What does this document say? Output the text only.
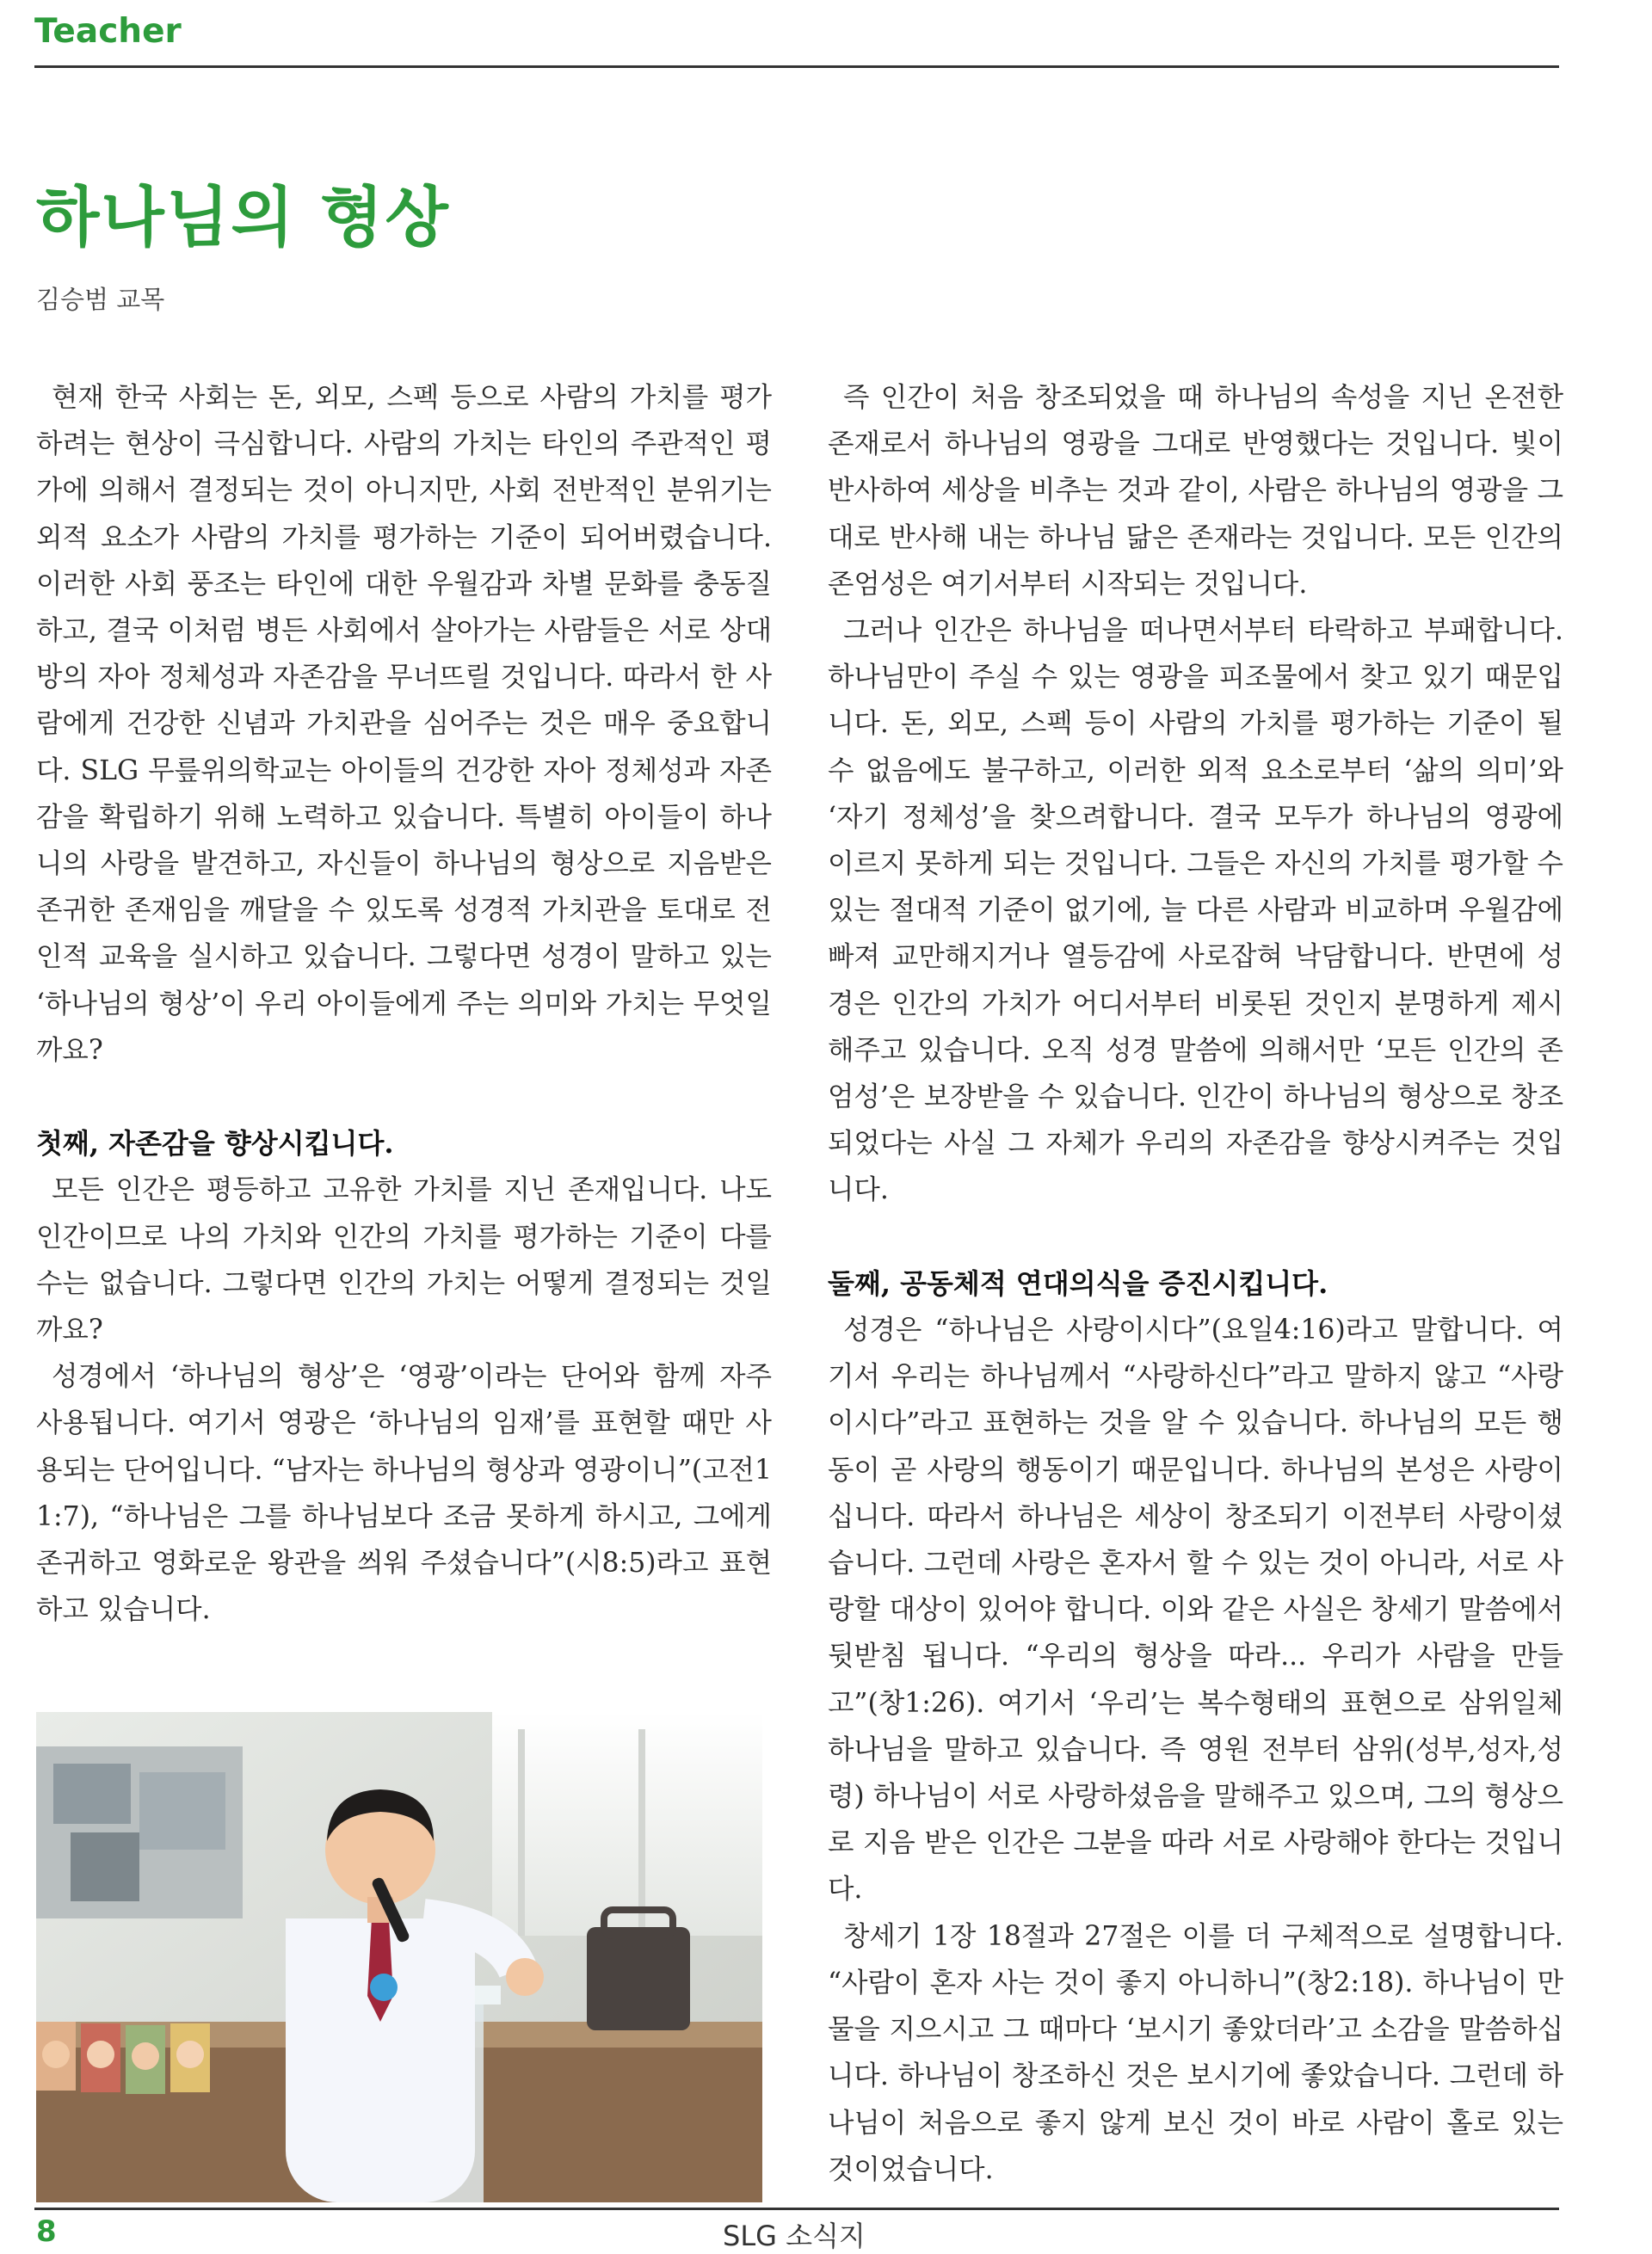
Teacher
하나님의 형상
김승범 교목

현재 한국 사회는 돈, 외모, 스펙 등으로 사람의 가치를 평가하려는 현상이 극심합니다. 사람의 가치는 타인의 주관적인 평가에 의해서 결정되는 것이 아니지만, 사회 전반적인 분위기는 외적 요소가 사람의 가치를 평가하는 기준이 되어버렸습니다. 이러한 사회 풍조는 타인에 대한 우월감과 차별 문화를 충동질하고, 결국 이처럼 병든 사회에서 살아가는 사람들은 서로 상대방의 자아 정체성과 자존감을 무너뜨릴 것입니다. 따라서 한 사람에게 건강한 신념과 가치관을 심어주는 것은 매우 중요합니다. SLG 무릎위의학교는 아이들의 건강한 자아 정체성과 자존감을 확립하기 위해 노력하고 있습니다. 특별히 아이들이 하나니의 사랑을 발견하고, 자신들이 하나님의 형상으로 지음받은 존귀한 존재임을 깨달을 수 있도록 성경적 가치관을 토대로 전인적 교육을 실시하고 있습니다. 그렇다면 성경이 말하고 있는 ‘하나님의 형상’이 우리 아이들에게 주는 의미와 가치는 무엇일까요?

첫째, 자존감을 향상시킵니다.

모든 인간은 평등하고 고유한 가치를 지닌 존재입니다. 나도 인간이므로 나의 가치와 인간의 가치를 평가하는 기준이 다를 수는 없습니다. 그렇다면 인간의 가치는 어떻게 결정되는 것일까요?

성경에서 ‘하나님의 형상’은 ‘영광’이라는 단어와 함께 자주 사용됩니다. 여기서 영광은 ‘하나님의 임재’를 표현할 때만 사용되는 단어입니다. “남자는 하나님의 형상과 영광이니”(고전11:7), “하나님은 그를 하나님보다 조금 못하게 하시고, 그에게 존귀하고 영화로운 왕관을 씌워 주셨습니다”(시8:5)라고 표현하고 있습니다.

즉 인간이 처음 창조되었을 때 하나님의 속성을 지닌 온전한 존재로서 하나님의 영광을 그대로 반영했다는 것입니다. 빛이 반사하여 세상을 비추는 것과 같이, 사람은 하나님의 영광을 그대로 반사해 내는 하나님 닮은 존재라는 것입니다. 모든 인간의 존엄성은 여기서부터 시작되는 것입니다.

그러나 인간은 하나님을 떠나면서부터 타락하고 부패합니다. 하나님만이 주실 수 있는 영광을 피조물에서 찾고 있기 때문입니다. 돈, 외모, 스펙 등이 사람의 가치를 평가하는 기준이 될 수 없음에도 불구하고, 이러한 외적 요소로부터 ‘삶의 의미’와 ‘자기 정체성’을 찾으려합니다. 결국 모두가 하나님의 영광에 이르지 못하게 되는 것입니다. 그들은 자신의 가치를 평가할 수 있는 절대적 기준이 없기에, 늘 다른 사람과 비교하며 우월감에 빠져 교만해지거나 열등감에 사로잡혀 낙담합니다. 반면에 성경은 인간의 가치가 어디서부터 비롯된 것인지 분명하게 제시해주고 있습니다. 오직 성경 말씀에 의해서만 ‘모든 인간의 존엄성’은 보장받을 수 있습니다. 인간이 하나님의 형상으로 창조되었다는 사실 그 자체가 우리의 자존감을 향상시켜주는 것입니다.

둘째, 공동체적 연대의식을 증진시킵니다.

성경은 “하나님은 사랑이시다”(요일4:16)라고 말합니다. 여기서 우리는 하나님께서 “사랑하신다”라고 말하지 않고 “사랑이시다”라고 표현하는 것을 알 수 있습니다. 하나님의 모든 행동이 곧 사랑의 행동이기 때문입니다. 하나님의 본성은 사랑이십니다. 따라서 하나님은 세상이 창조되기 이전부터 사랑이셨습니다. 그런데 사랑은 혼자서 할 수 있는 것이 아니라, 서로 사랑할 대상이 있어야 합니다. 이와 같은 사실은 창세기 말씀에서 뒷받침 됩니다. “우리의 형상을 따라... 우리가 사람을 만들고”(창1:26). 여기서 ‘우리’는 복수형태의 표현으로 삼위일체 하나님을 말하고 있습니다. 즉 영원 전부터 삼위(성부,성자,성령) 하나님이 서로 사랑하셨음을 말해주고 있으며, 그의 형상으로 지음 받은 인간은 그분을 따라 서로 사랑해야 한다는 것입니다.

창세기 1장 18절과 27절은 이를 더 구체적으로 설명합니다. “사람이 혼자 사는 것이 좋지 아니하니”(창2:18). 하나님이 만물을 지으시고 그 때마다 ‘보시기 좋았더라’고 소감을 말씀하십니다. 하나님이 창조하신 것은 보시기에 좋았습니다. 그런데 하나님이 처음으로 좋지 않게 보신 것이 바로 사람이 홀로 있는 것이었습니다.

8	SLG 소식지
